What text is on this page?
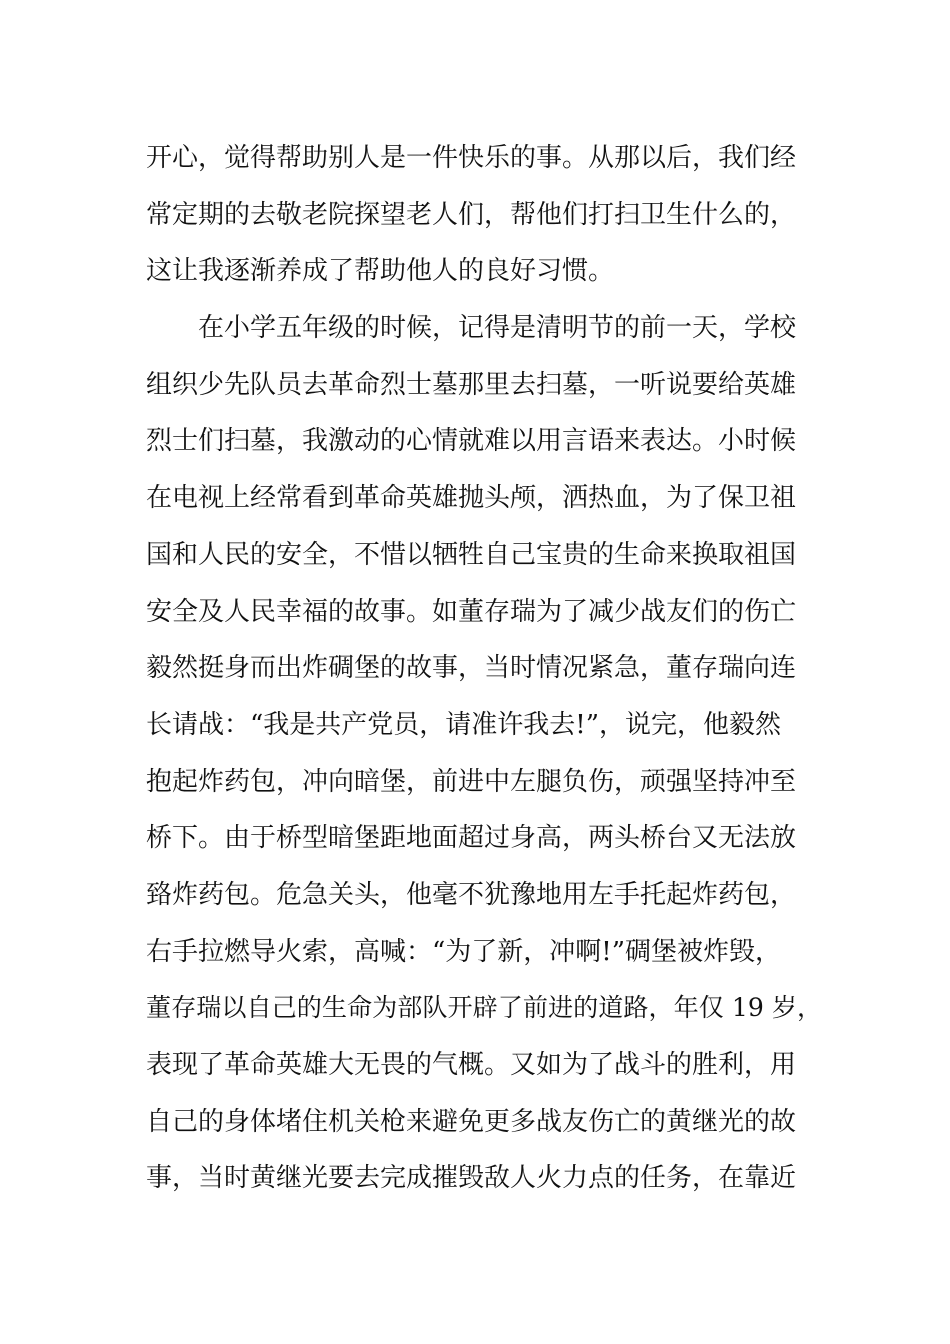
开心，觉得帮助别人是一件快乐的事。从那以后，我们经
常定期的去敬老院探望老人们，帮他们打扫卫生什么的，
这让我逐渐养成了帮助他人的良好习惯。
在小学五年级的时候，记得是清明节的前一天，学校
组织少先队员去革命烈士墓那里去扫墓，一听说要给英雄
烈士们扫墓，我激动的心情就难以用言语来表达。小时候
在电视上经常看到革命英雄抛头颅，洒热血，为了保卫祖
国和人民的安全，不惜以牺牲自己宝贵的生命来换取祖国
安全及人民幸福的故事。如董存瑞为了减少战友们的伤亡
毅然挺身而出炸碉堡的故事，当时情况紧急，董存瑞向连
长请战：“我是共产党员，请准许我去!”，说完，他毅然
抱起炸药包，冲向暗堡，前进中左腿负伤，顽强坚持冲至
桥下。由于桥型暗堡距地面超过身高，两头桥台又无法放
臵炸药包。危急关头，他毫不犹豫地用左手托起炸药包，
右手拉燃导火索，高喊：“为了新，冲啊!”碉堡被炸毁，
董存瑞以自己的生命为部队开辟了前进的道路，年仅 19 岁，
表现了革命英雄大无畏的气概。又如为了战斗的胜利，用
自己的身体堵住机关枪来避免更多战友伤亡的黄继光的故
事，当时黄继光要去完成摧毁敌人火力点的任务，在靠近
